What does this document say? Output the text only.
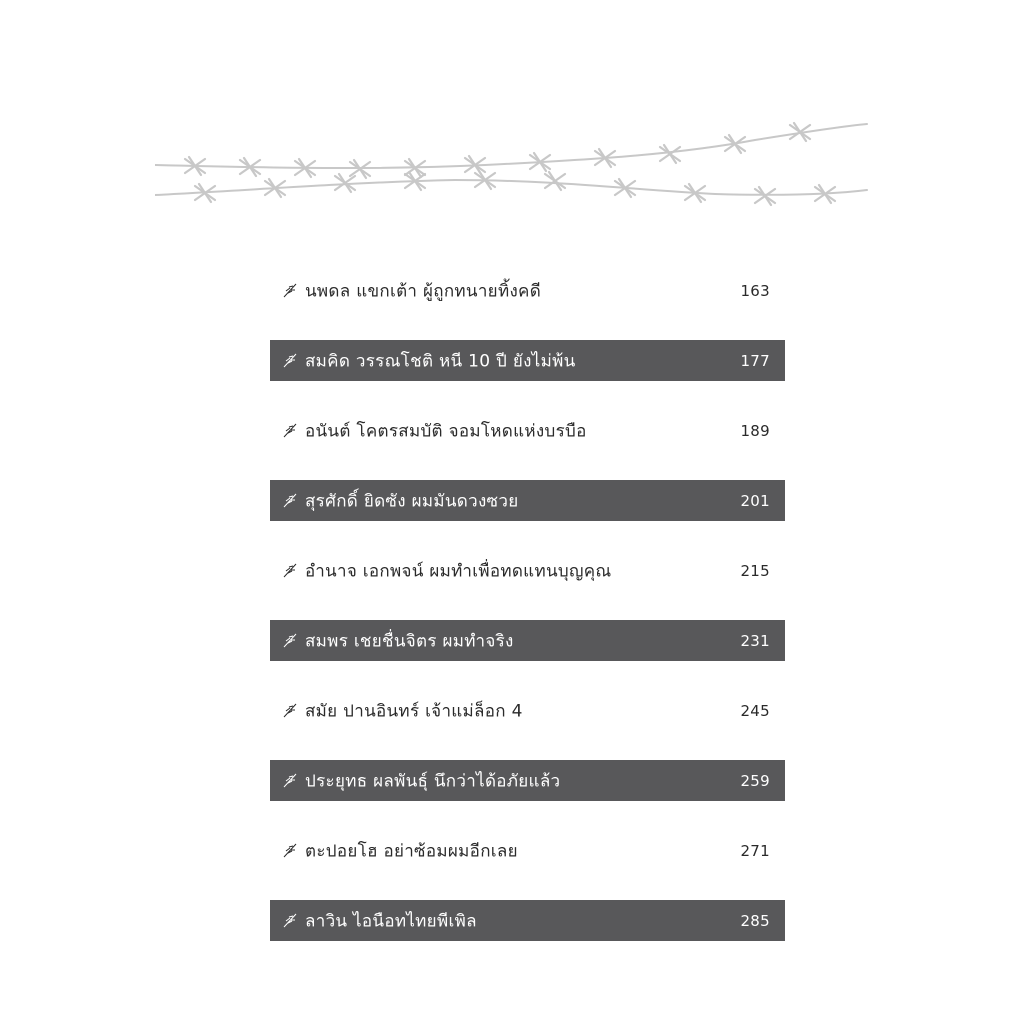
นพดล แขกเต้า ผู้ถูกทนายทิ้งคดี	163
สมคิด วรรณโชติ หนี 10 ปี ยังไม่พ้น	177
อนันต์ โคตรสมบัติ จอมโหดแห่งบรบือ	189
สุรศักดิ์ ยิดซัง ผมมันดวงซวย	201
อำนาจ เอกพจน์ ผมทำเพื่อทดแทนบุญคุณ	215
สมพร เชยชื่นจิตร ผมทำจริง	231
สมัย ปานอินทร์ เจ้าแม่ล็อก 4	245
ประยุทธ ผลพันธุ์ นึกว่าได้อภัยแล้ว	259
ตะปอยโฮ อย่าซ้อมผมอีกเลย	271
ลาวิน ไอนือทไทยพีเพิล	285
